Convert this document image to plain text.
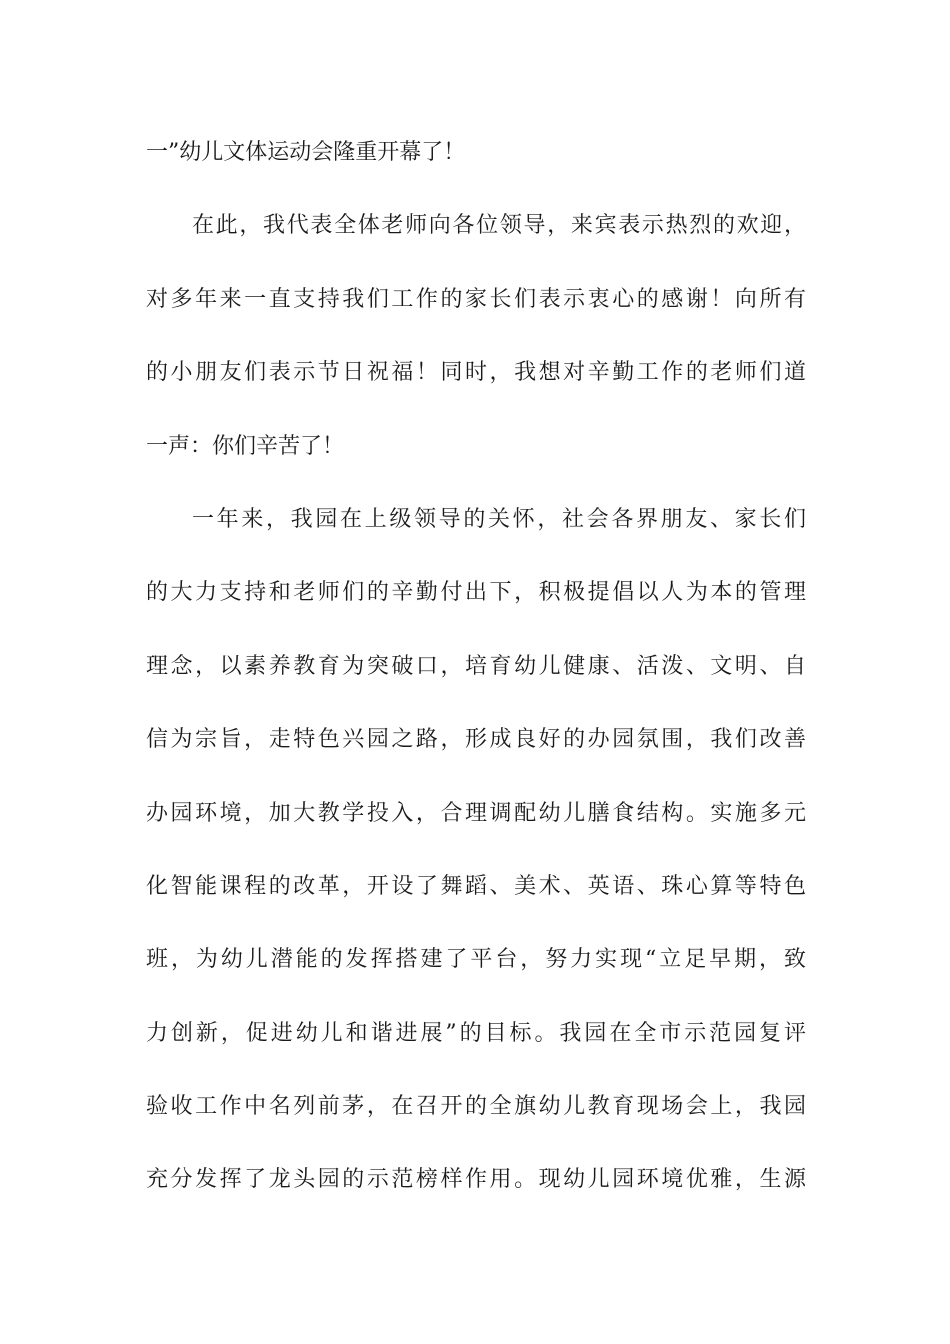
一”幼儿文体运动会隆重开幕了！
在此，我代表全体老师向各位领导，来宾表示热烈的欢迎，
对多年来一直支持我们工作的家长们表示衷心的感谢！向所有
的小朋友们表示节日祝福！同时，我想对辛勤工作的老师们道
一声：你们辛苦了！
一年来，我园在上级领导的关怀，社会各界朋友、家长们
的大力支持和老师们的辛勤付出下，积极提倡以人为本的管理
理念，以素养教育为突破口，培育幼儿健康、活泼、文明、自
信为宗旨，走特色兴园之路，形成良好的办园氛围，我们改善
办园环境，加大教学投入，合理调配幼儿膳食结构。实施多元
化智能课程的改革，开设了舞蹈、美术、英语、珠心算等特色
班，为幼儿潜能的发挥搭建了平台，努力实现“立足早期，致
力创新，促进幼儿和谐进展”的目标。我园在全市示范园复评
验收工作中名列前茅，在召开的全旗幼儿教育现场会上，我园
充分发挥了龙头园的示范榜样作用。现幼儿园环境优雅，生源
